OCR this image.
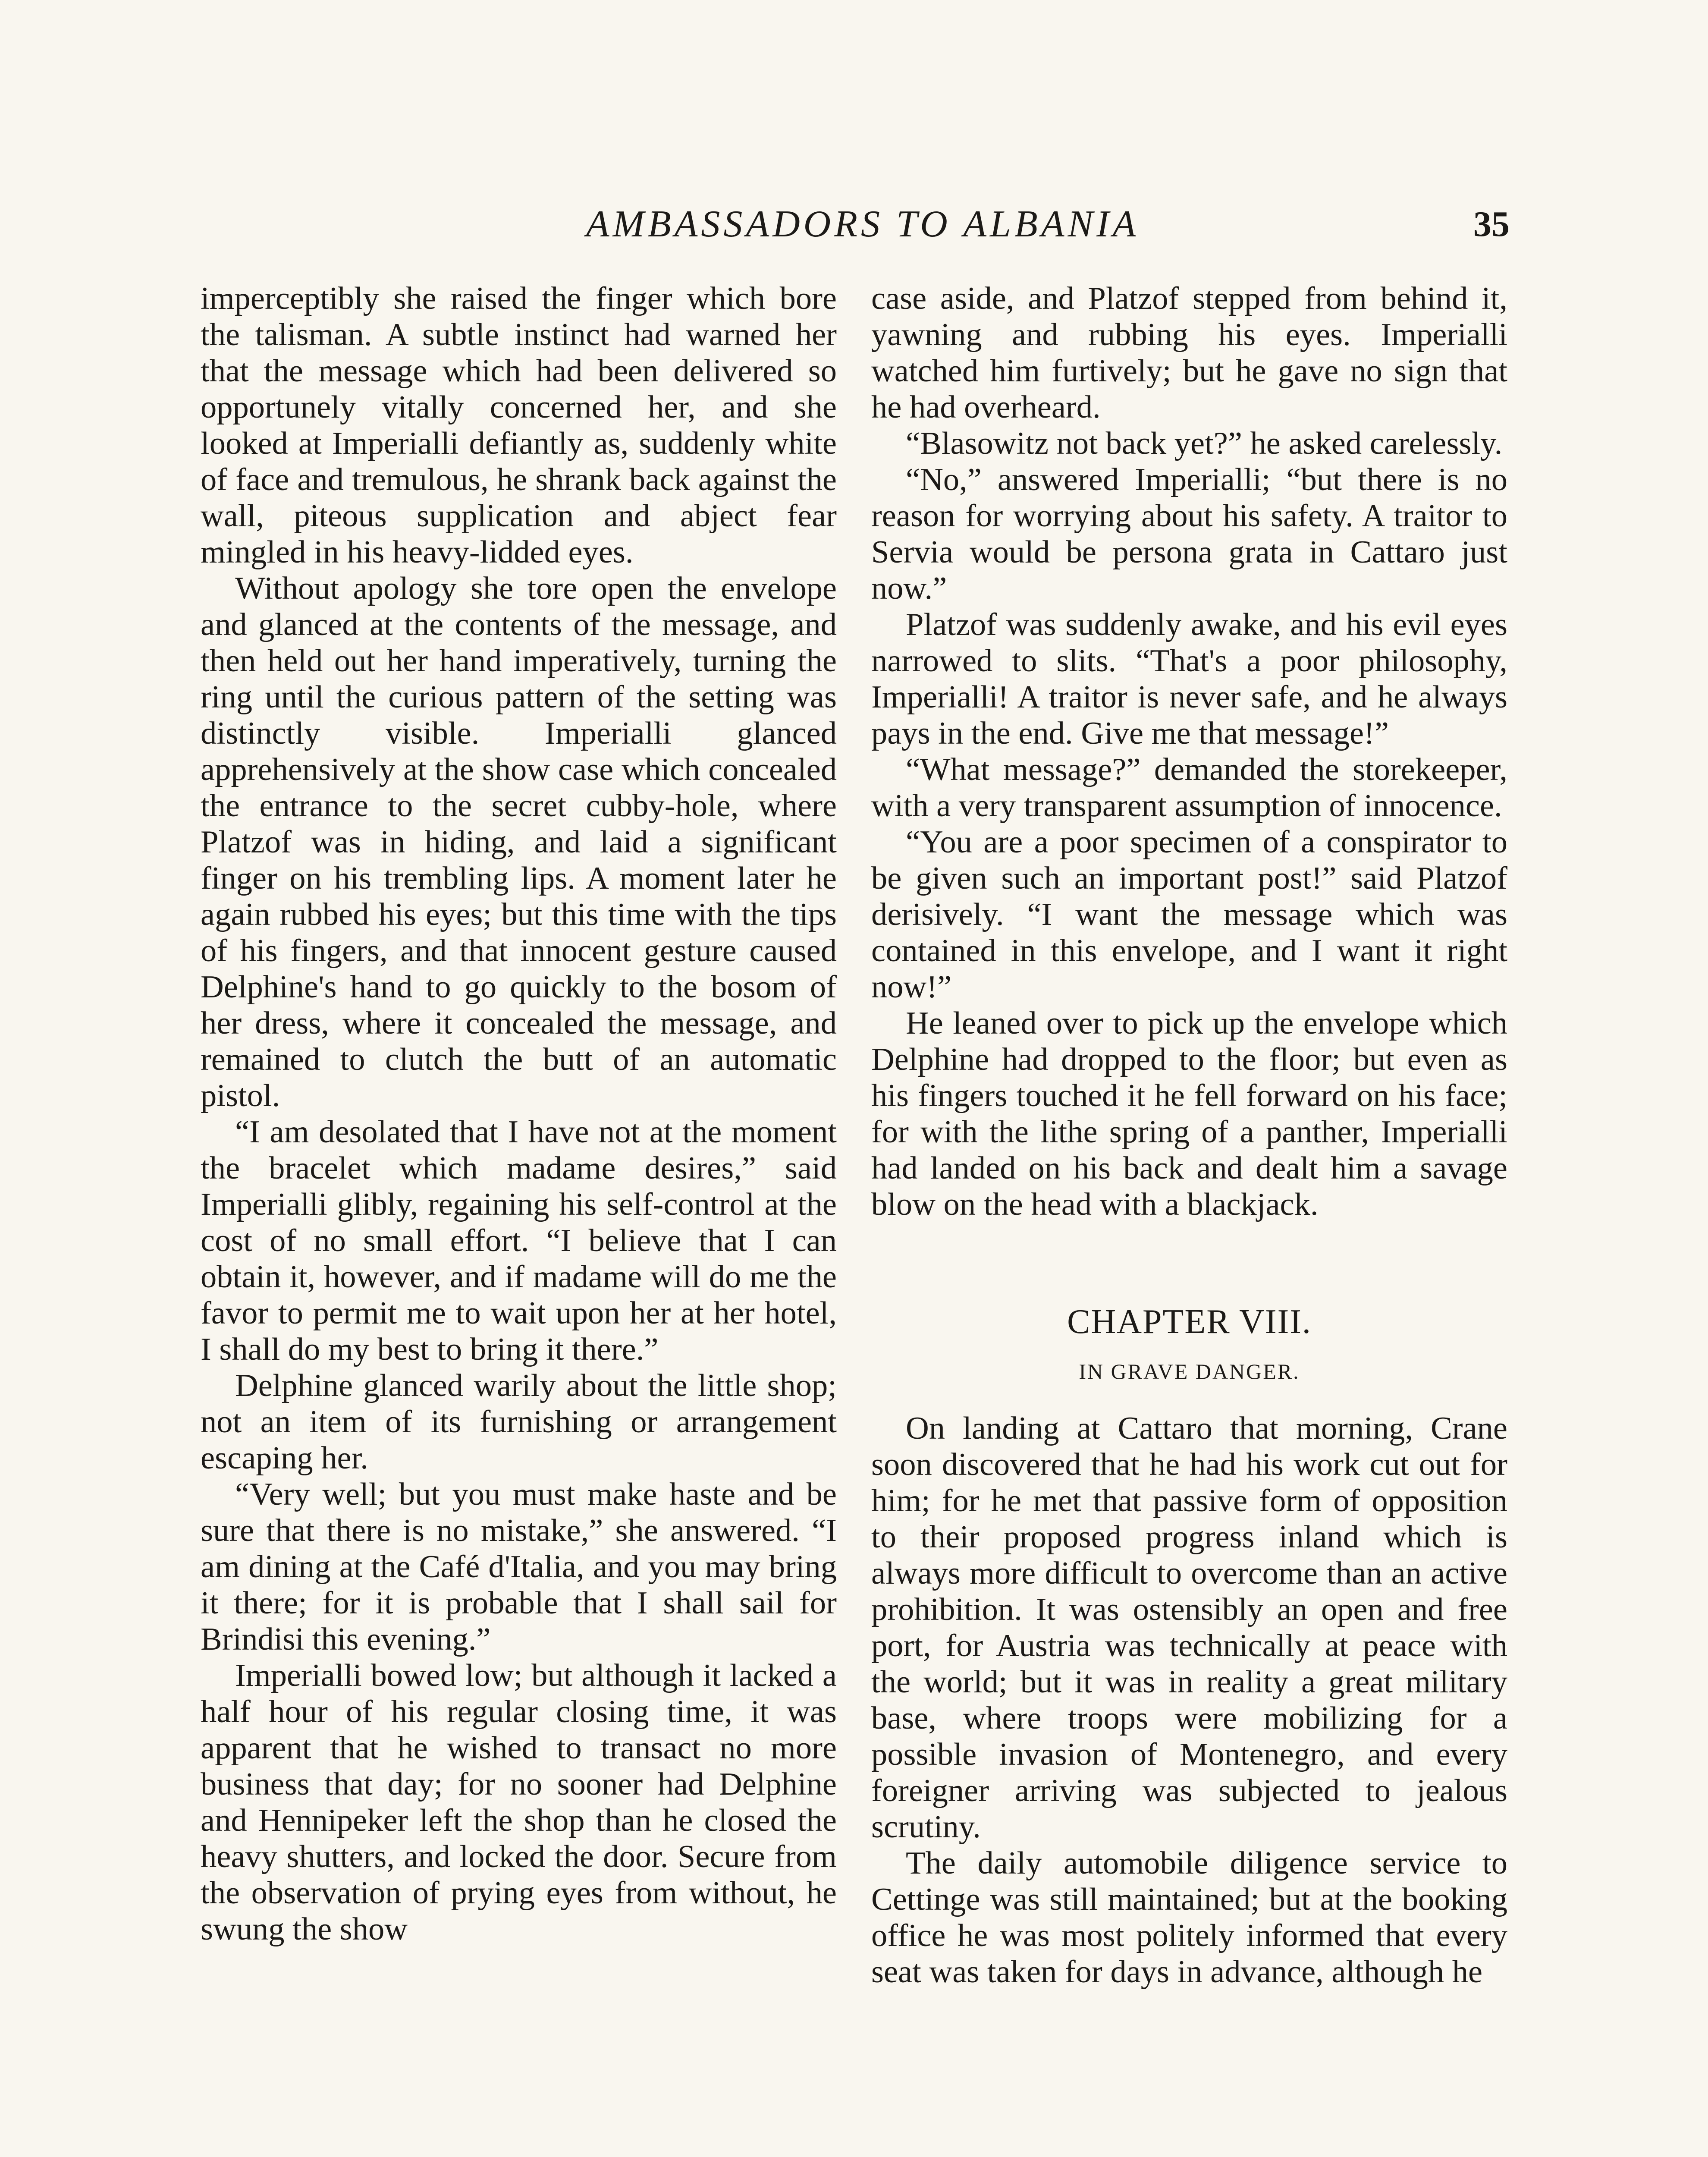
AMBASSADORS TO ALBANIA	35

imperceptibly she raised the finger which bore the talisman. A subtle instinct had warned her that the message which had been delivered so opportunely vitally concerned her, and she looked at Imperialli defiantly as, suddenly white of face and tremulous, he shrank back against the wall, piteous supplication and abject fear mingled in his heavy-lidded eyes.

Without apology she tore open the envelope and glanced at the contents of the message, and then held out her hand imperatively, turning the ring until the curious pattern of the setting was distinctly visible. Imperialli glanced apprehensively at the show case which concealed the entrance to the secret cubby-hole, where Platzof was in hiding, and laid a significant finger on his trembling lips. A moment later he again rubbed his eyes; but this time with the tips of his fingers, and that innocent gesture caused Delphine's hand to go quickly to the bosom of her dress, where it concealed the message, and remained to clutch the butt of an automatic pistol.

“I am desolated that I have not at the moment the bracelet which madame desires,” said Imperialli glibly, regaining his self-control at the cost of no small effort. “I believe that I can obtain it, however, and if madame will do me the favor to permit me to wait upon her at her hotel, I shall do my best to bring it there.”

Delphine glanced warily about the little shop; not an item of its furnishing or arrangement escaping her.

“Very well; but you must make haste and be sure that there is no mistake,” she answered. “I am dining at the Café d'Italia, and you may bring it there; for it is probable that I shall sail for Brindisi this evening.”

Imperialli bowed low; but although it lacked a half hour of his regular closing time, it was apparent that he wished to transact no more business that day; for no sooner had Delphine and Hennipeker left the shop than he closed the heavy shutters, and locked the door. Secure from the observation of prying eyes from without, he swung the show

case aside, and Platzof stepped from behind it, yawning and rubbing his eyes. Imperialli watched him furtively; but he gave no sign that he had overheard.

“Blasowitz not back yet?” he asked carelessly.

“No,” answered Imperialli; “but there is no reason for worrying about his safety. A traitor to Servia would be persona grata in Cattaro just now.”

Platzof was suddenly awake, and his evil eyes narrowed to slits. “That's a poor philosophy, Imperialli! A traitor is never safe, and he always pays in the end. Give me that message!”

“What message?” demanded the storekeeper, with a very transparent assumption of innocence.

“You are a poor specimen of a conspirator to be given such an important post!” said Platzof derisively. “I want the message which was contained in this envelope, and I want it right now!”

He leaned over to pick up the envelope which Delphine had dropped to the floor; but even as his fingers touched it he fell forward on his face; for with the lithe spring of a panther, Imperialli had landed on his back and dealt him a savage blow on the head with a blackjack.

CHAPTER VIII.
IN GRAVE DANGER.

On landing at Cattaro that morning, Crane soon discovered that he had his work cut out for him; for he met that passive form of opposition to their proposed progress inland which is always more difficult to overcome than an active prohibition. It was ostensibly an open and free port, for Austria was technically at peace with the world; but it was in reality a great military base, where troops were mobilizing for a possible invasion of Montenegro, and every foreigner arriving was subjected to jealous scrutiny.

The daily automobile diligence service to Cettinge was still maintained; but at the booking office he was most politely informed that every seat was taken for days in advance, although he
